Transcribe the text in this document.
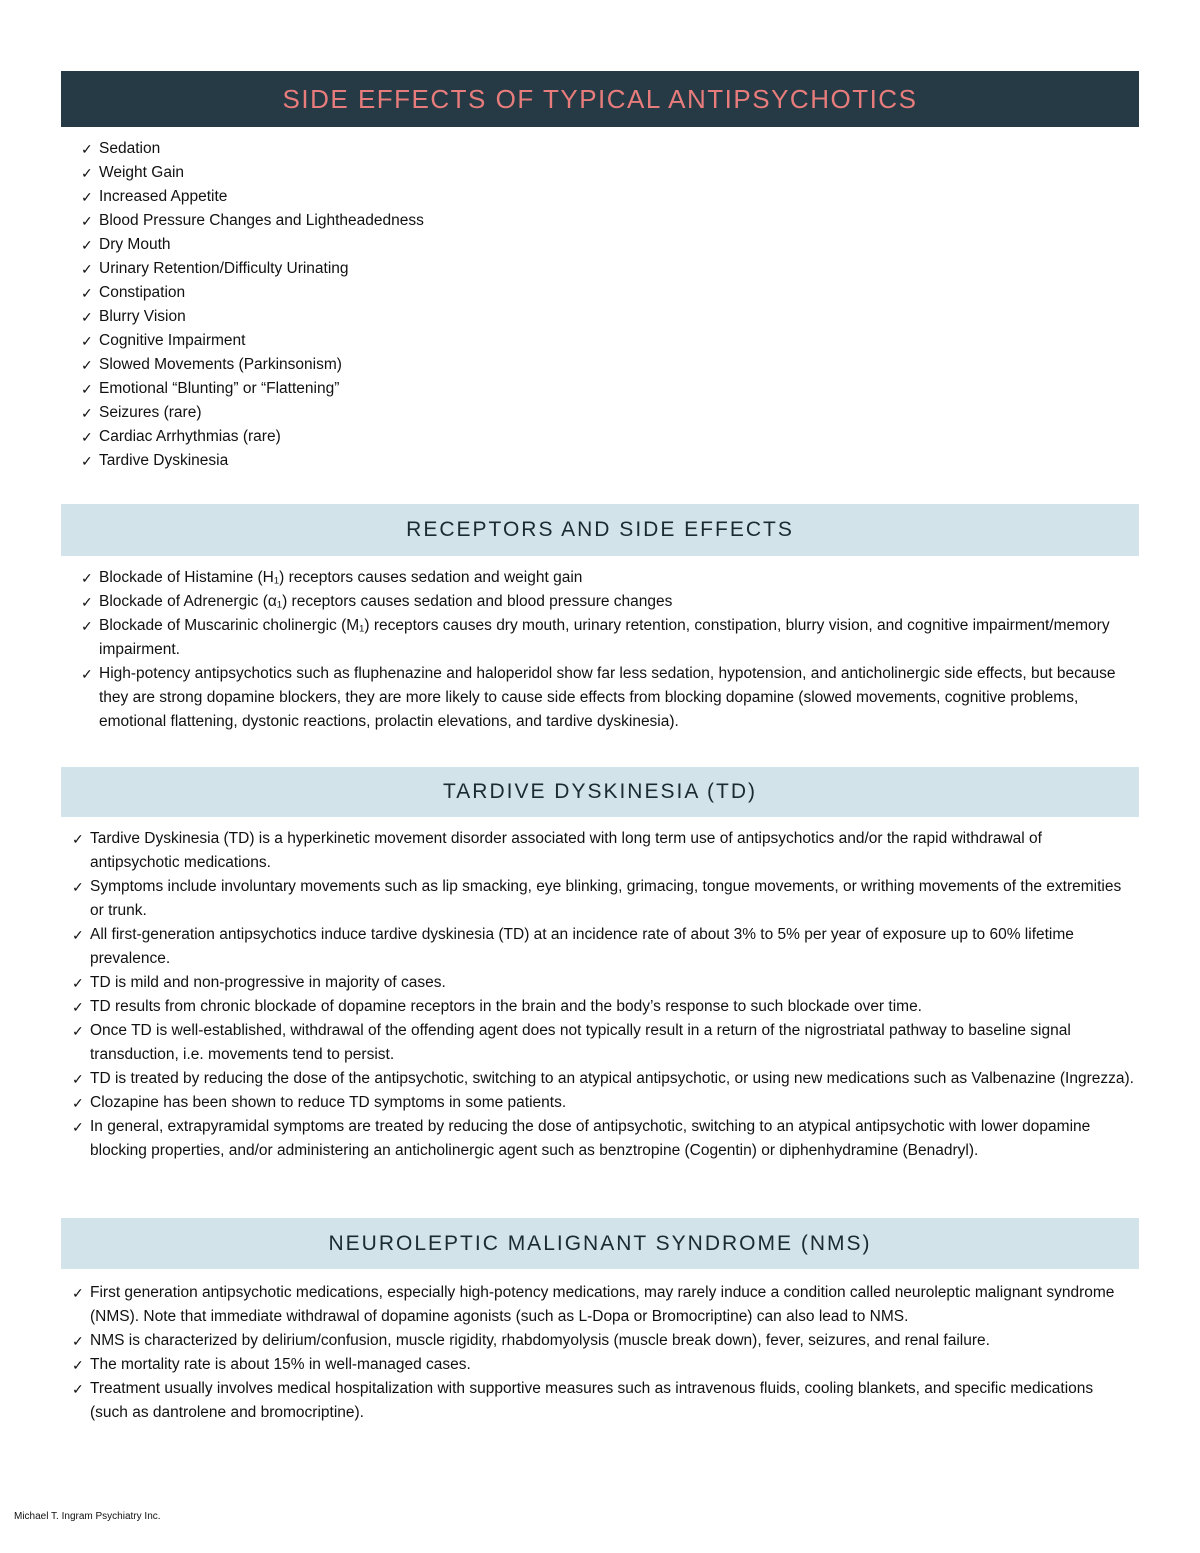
SIDE EFFECTS OF TYPICAL ANTIPSYCHOTICS
✓ Sedation
✓ Weight Gain
✓ Increased Appetite
✓ Blood Pressure Changes and Lightheadedness
✓ Dry Mouth
✓ Urinary Retention/Difficulty Urinating
✓ Constipation
✓ Blurry Vision
✓ Cognitive Impairment
✓ Slowed Movements (Parkinsonism)
✓ Emotional “Blunting” or “Flattening”
✓ Seizures (rare)
✓ Cardiac Arrhythmias (rare)
✓ Tardive Dyskinesia
RECEPTORS AND SIDE EFFECTS
✓ Blockade of Histamine (H₁) receptors causes sedation and weight gain
✓ Blockade of Adrenergic (α₁) receptors causes sedation and blood pressure changes
✓ Blockade of Muscarinic cholinergic (M₁) receptors causes dry mouth, urinary retention, constipation, blurry vision, and cognitive impairment/memory impairment.
✓ High-potency antipsychotics such as fluphenazine and haloperidol show far less sedation, hypotension, and anticholinergic side effects, but because they are strong dopamine blockers, they are more likely to cause side effects from blocking dopamine (slowed movements, cognitive problems, emotional flattening, dystonic reactions, prolactin elevations, and tardive dyskinesia).
TARDIVE DYSKINESIA (TD)
✓ Tardive Dyskinesia (TD) is a hyperkinetic movement disorder associated with long term use of antipsychotics and/or the rapid withdrawal of antipsychotic medications.
✓ Symptoms include involuntary movements such as lip smacking, eye blinking, grimacing, tongue movements, or writhing movements of the extremities or trunk.
✓ All first-generation antipsychotics induce tardive dyskinesia (TD) at an incidence rate of about 3% to 5% per year of exposure up to 60% lifetime prevalence.
✓ TD is mild and non-progressive in majority of cases.
✓ TD results from chronic blockade of dopamine receptors in the brain and the body’s response to such blockade over time.
✓ Once TD is well-established, withdrawal of the offending agent does not typically result in a return of the nigrostriatal pathway to baseline signal transduction, i.e. movements tend to persist.
✓ TD is treated by reducing the dose of the antipsychotic, switching to an atypical antipsychotic, or using new medications such as Valbenazine (Ingrezza).
✓ Clozapine has been shown to reduce TD symptoms in some patients.
✓ In general, extrapyramidal symptoms are treated by reducing the dose of antipsychotic, switching to an atypical antipsychotic with lower dopamine blocking properties, and/or administering an anticholinergic agent such as benztropine (Cogentin) or diphenhydramine (Benadryl).
NEUROLEPTIC MALIGNANT SYNDROME (NMS)
✓ First generation antipsychotic medications, especially high-potency medications, may rarely induce a condition called neuroleptic malignant syndrome (NMS). Note that immediate withdrawal of dopamine agonists (such as L-Dopa or Bromocriptine) can also lead to NMS.
✓ NMS is characterized by delirium/confusion, muscle rigidity, rhabdomyolysis (muscle break down), fever, seizures, and renal failure.
✓ The mortality rate is about 15% in well-managed cases.
✓ Treatment usually involves medical hospitalization with supportive measures such as intravenous fluids, cooling blankets, and specific medications (such as dantrolene and bromocriptine).
Michael T. Ingram Psychiatry Inc.
